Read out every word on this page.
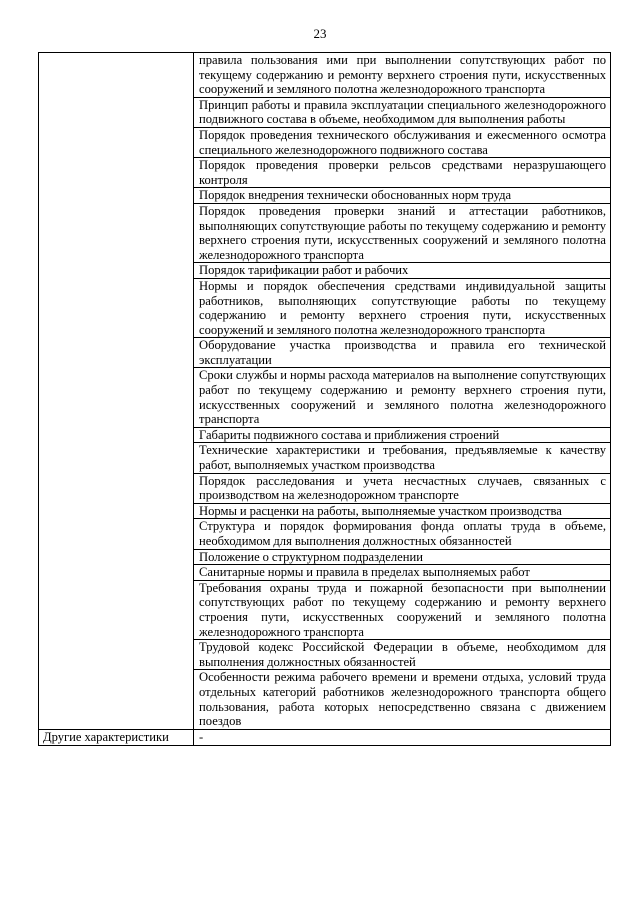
23
	правила пользования ими при выполнении сопутствующих работ по текущему содержанию и ремонту верхнего строения пути, искусственных сооружений и земляного полотна железнодорожного транспорта
	Принцип работы и правила эксплуатации специального железнодорожного подвижного состава в объеме, необходимом для выполнения работы
	Порядок проведения технического обслуживания и ежесменного осмотра специального железнодорожного подвижного состава
	Порядок проведения проверки рельсов средствами неразрушающего контроля
	Порядок внедрения технически обоснованных норм труда
	Порядок проведения проверки знаний и аттестации работников, выполняющих сопутствующие работы по текущему содержанию и ремонту верхнего строения пути, искусственных сооружений и земляного полотна железнодорожного транспорта
	Порядок тарификации работ и рабочих
	Нормы и порядок обеспечения средствами индивидуальной защиты работников, выполняющих сопутствующие работы по текущему содержанию и ремонту верхнего строения пути, искусственных сооружений и земляного полотна железнодорожного транспорта
	Оборудование участка производства и правила его технической эксплуатации
	Сроки службы и нормы расхода материалов на выполнение сопутствующих работ по текущему содержанию и ремонту верхнего строения пути, искусственных сооружений и земляного полотна железнодорожного транспорта
	Габариты подвижного состава и приближения строений
	Технические характеристики и требования, предъявляемые к качеству работ, выполняемых участком производства
	Порядок расследования и учета несчастных случаев, связанных с производством на железнодорожном транспорте
	Нормы и расценки на работы, выполняемые участком производства
	Структура и порядок формирования фонда оплаты труда в объеме, необходимом для выполнения должностных обязанностей
	Положение о структурном подразделении
	Санитарные нормы и правила в пределах выполняемых работ
	Требования охраны труда и пожарной безопасности при выполнении сопутствующих работ по текущему содержанию и ремонту верхнего строения пути, искусственных сооружений и земляного полотна железнодорожного транспорта
	Трудовой кодекс Российской Федерации в объеме, необходимом для выполнения должностных обязанностей
	Особенности режима рабочего времени и времени отдыха, условий труда отдельных категорий работников железнодорожного транспорта общего пользования, работа которых непосредственно связана с движением поездов
Другие характеристики	-
